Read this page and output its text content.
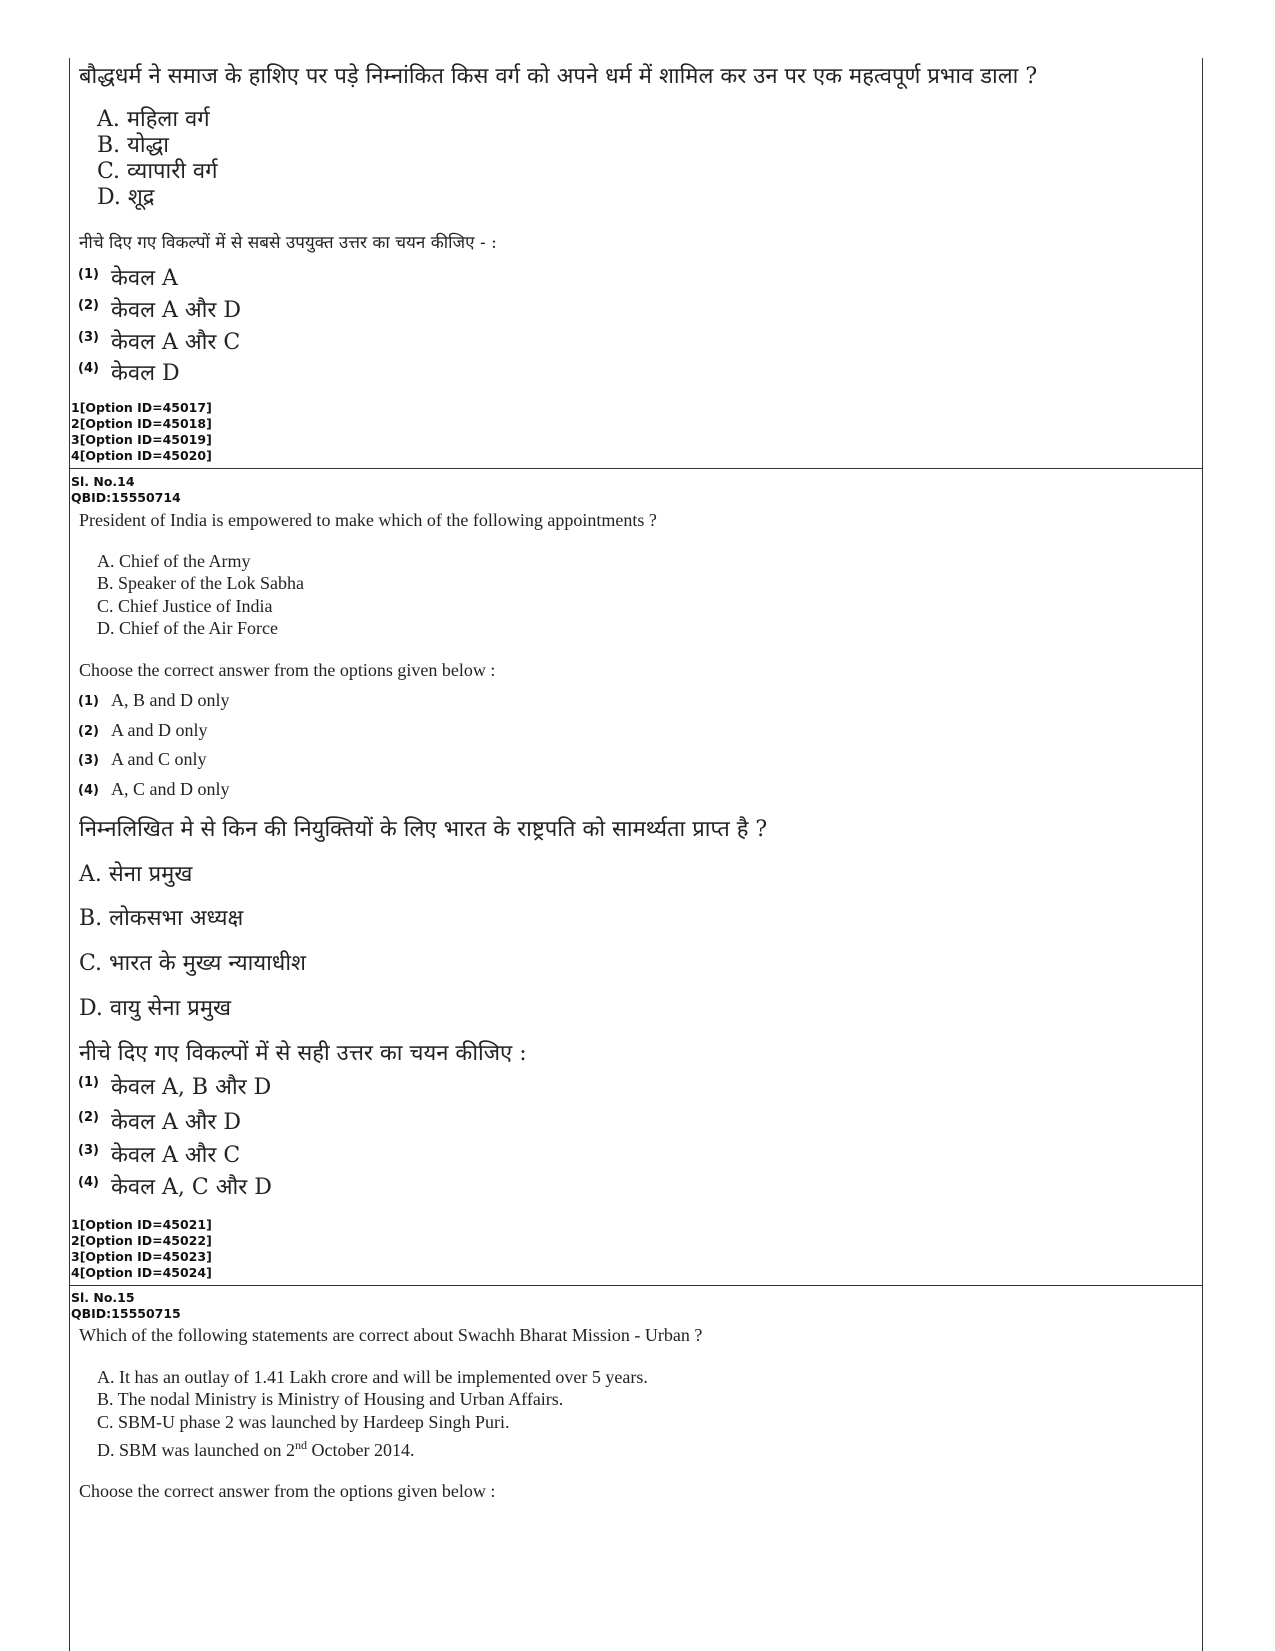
बौद्धधर्म ने समाज के हाशिए पर पड़े निम्नांकित किस वर्ग को अपने धर्म में शामिल कर उन पर एक महत्वपूर्ण प्रभाव डाला ?
A. महिला वर्ग
B. योद्धा
C. व्यापारी वर्ग
D. शूद्र
नीचे दिए गए विकल्पों में से सबसे उपयुक्त उत्तर का चयन कीजिए - :
(1) केवल A
(2) केवल A और D
(3) केवल A और C
(4) केवल D
1[Option ID=45017]
2[Option ID=45018]
3[Option ID=45019]
4[Option ID=45020]
Sl. No.14
QBID:15550714
President of India is empowered to make which of the following appointments ?
A. Chief of the Army
B. Speaker of the Lok Sabha
C. Chief Justice of India
D. Chief of the Air Force
Choose the correct answer from the options given below :
(1) A, B and D only
(2) A and D only
(3) A and C only
(4) A, C and D only
निम्नलिखित मे से किन की नियुक्तियों के लिए भारत के राष्ट्रपति को सामर्थ्यता प्राप्त है ?
A. सेना प्रमुख
B. लोकसभा अध्यक्ष
C. भारत के मुख्य न्यायाधीश
D. वायु सेना प्रमुख
नीचे दिए गए विकल्पों में से सही उत्तर का चयन कीजिए :
(1) केवल A, B और D
(2) केवल A और D
(3) केवल A और C
(4) केवल A, C और D
1[Option ID=45021]
2[Option ID=45022]
3[Option ID=45023]
4[Option ID=45024]
Sl. No.15
QBID:15550715
Which of the following statements are correct about Swachh Bharat Mission - Urban ?
A. It has an outlay of 1.41 Lakh crore and will be implemented over 5 years.
B. The nodal Ministry is Ministry of Housing and Urban Affairs.
C. SBM-U phase 2 was launched by Hardeep Singh Puri.
D. SBM was launched on 2nd October 2014.
Choose the correct answer from the options given below :
